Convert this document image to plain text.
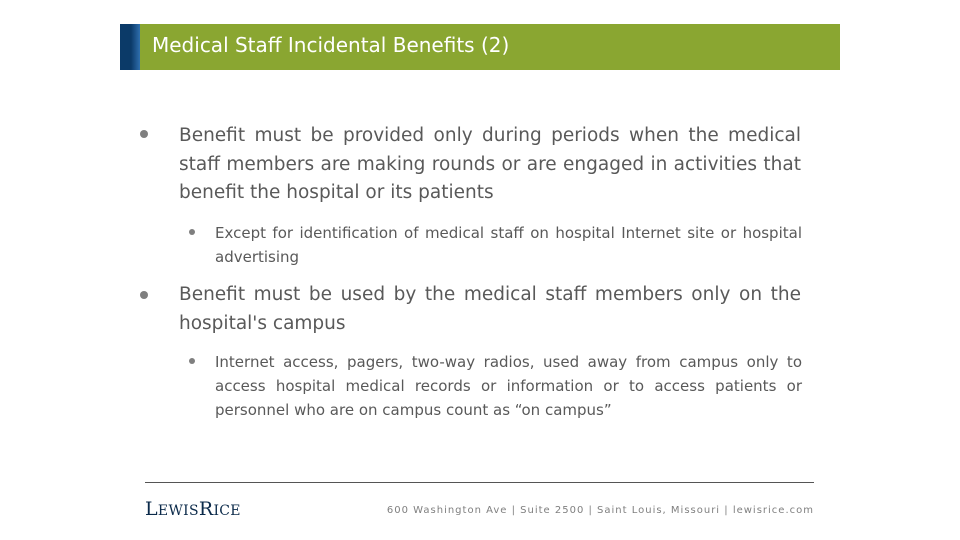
Medical Staff Incidental Benefits (2)
Benefit must be provided only during periods when the medical staff members are making rounds or are engaged in activities that benefit the hospital or its patients
Except for identification of medical staff on hospital Internet site or hospital advertising
Benefit must be used by the medical staff members only on the hospital's campus
Internet access, pagers, two-way radios, used away from campus only to access hospital medical records or information or to access patients or personnel who are on campus count as “on campus”
LEWISRICE	600 Washington Ave | Suite 2500 | Saint Louis, Missouri | lewisrice.com
